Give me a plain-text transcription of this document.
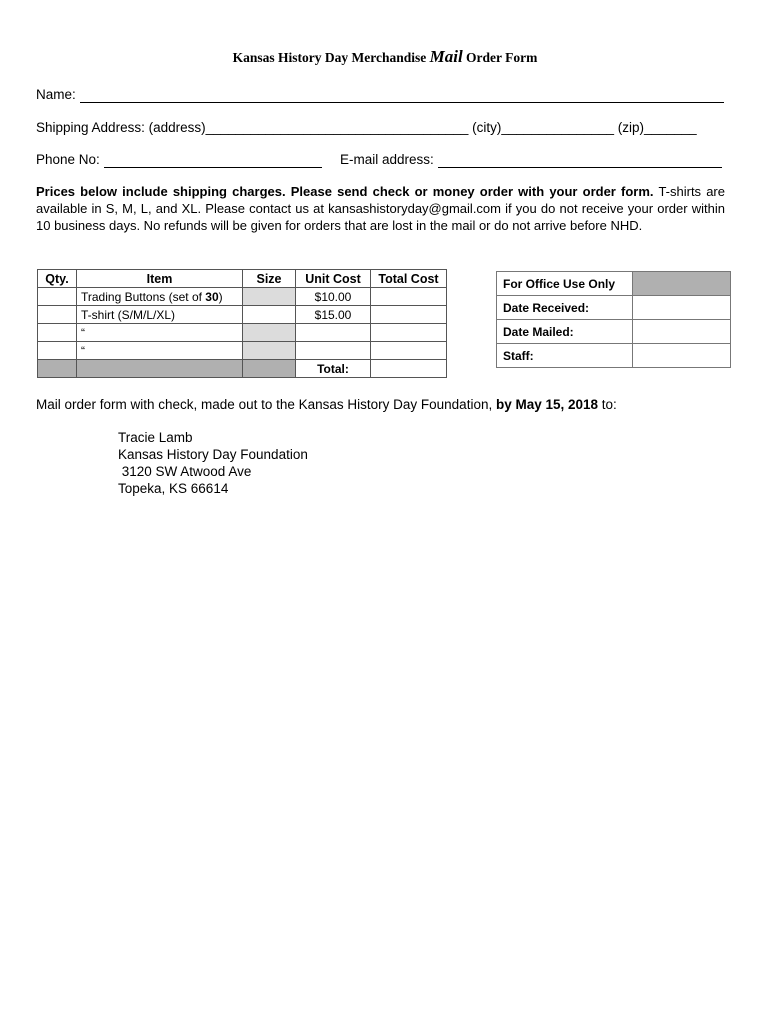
Kansas History Day Merchandise Mail Order Form
Name:
Shipping Address: (address)___________________________________ (city)_______________ (zip)_______
Phone No:	E-mail address:
Prices below include shipping charges. Please send check or money order with your order form. T-shirts are available in S, M, L, and XL. Please contact us at kansashistoryday@gmail.com if you do not receive your order within 10 business days. No refunds will be given for orders that are lost in the mail or do not arrive before NHD.
Qty.	Item	Size	Unit Cost	Total Cost
	Trading Buttons (set of 30)		$10.00	
	T-shirt (S/M/L/XL)		$15.00	
	“			
	“			
			Total:	
For Office Use Only	
Date Received:	
Date Mailed:	
Staff:	
Mail order form with check, made out to the Kansas History Day Foundation, by May 15, 2018 to:
Tracie Lamb
Kansas History Day Foundation
3120 SW Atwood Ave
Topeka, KS 66614
